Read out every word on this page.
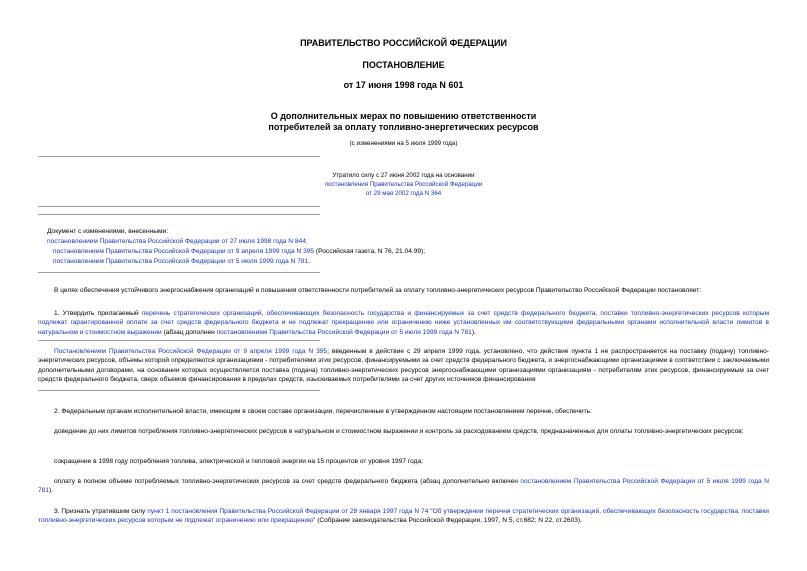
ПРАВИТЕЛЬСТВО РОССИЙСКОЙ ФЕДЕРАЦИИ
ПОСТАНОВЛЕНИЕ
от 17 июня 1998 года N 601
О дополнительных мерах по повышению ответственности
потребителей за оплату топливно-энергетических ресурсов
(с изменениями на 5 июля 1999 года)
Утратило силу с 27 июня 2002 года на основании
постановления Правительства Российской Федерации
от 29 мая 2002 года N 364
Документ с изменениями, внесенными:
постановлением Правительства Российской Федерации от 27 июля 1998 года N 844;
постановлением Правительства Российской Федерации от 9 апреля 1999 года N 395 (Российская газета, N 76, 21.04.99);
постановлением Правительства Российской Федерации от 5 июля 1999 года N 781.
В целях обеспечения устойчивого энергоснабжения организаций и повышения ответственности потребителей за оплату топливно-энергетических ресурсов Правительство Российской Федерации постановляет:
1. Утвердить прилагаемый перечень стратегических организаций, обеспечивающих безопасность государства и финансируемых за счет средств федерального бюджета, поставки топливно-энергетических ресурсов которым подлежат гарантированной оплате за счет средств федерального бюджета и не подлежат прекращению или ограничению ниже установленных им соответствующими федеральными органами исполнительной власти лимитов в натуральном и стоимостном выражении (абзац дополнен постановлением Правительства Российской Федерации от 5 июля 1999 года N 781).
Постановлением Правительства Российской Федерации от 9 апреля 1999 года N 395, введенным в действие с 29 апреля 1999 года, установлено, что действие пункта 1 не распространяется на поставку (подачу) топливно-энергетических ресурсов, объемы которой определяются организациями - потребителями этих ресурсов, финансируемыми за счет средств федерального бюджета, и энергоснабжающими организациями в соответствии с заключаемыми дополнительными договорами, на основании которых осуществляется поставка (подача) топливно-энергетических ресурсов энергоснабжающими организациями организациям - потребителям этих ресурсов, финансируемым за счет средств федерального бюджета, сверх объемов финансирования в пределах средств, изыскиваемых потребителями за счет других источников финансирования
2. Федеральным органам исполнительной власти, имеющим в своем составе организации, перечисленные в утвержденном настоящим постановлением перечне, обеспечить:
доведение до них лимитов потребления топливно-энергетических ресурсов в натуральном и стоимостном выражении и контроль за расходованием средств, предназначенных для оплаты топливно-энергетических ресурсов;
сокращение в 1998 году потребления топлива, электрической и тепловой энергии на 15 процентов от уровня 1997 года;
оплату в полном объеме потребляемых топливно-энергетических ресурсов за счет средств федерального бюджета (абзац дополнительно включен постановлением Правительства Российской Федерации от 5 июля 1999 года N 781).
3. Признать утратившим силу пункт 1 постановления Правительства Российской Федерации от 28 января 1997 года N 74 "Об утверждении перечня стратегических организаций, обеспечивающих безопасность государства, поставки топливно-энергетических ресурсов которым не подлежат ограничению или прекращению" (Собрание законодательства Российской Федерации, 1997, N 5, ст.682; N 22, ст.2603).
